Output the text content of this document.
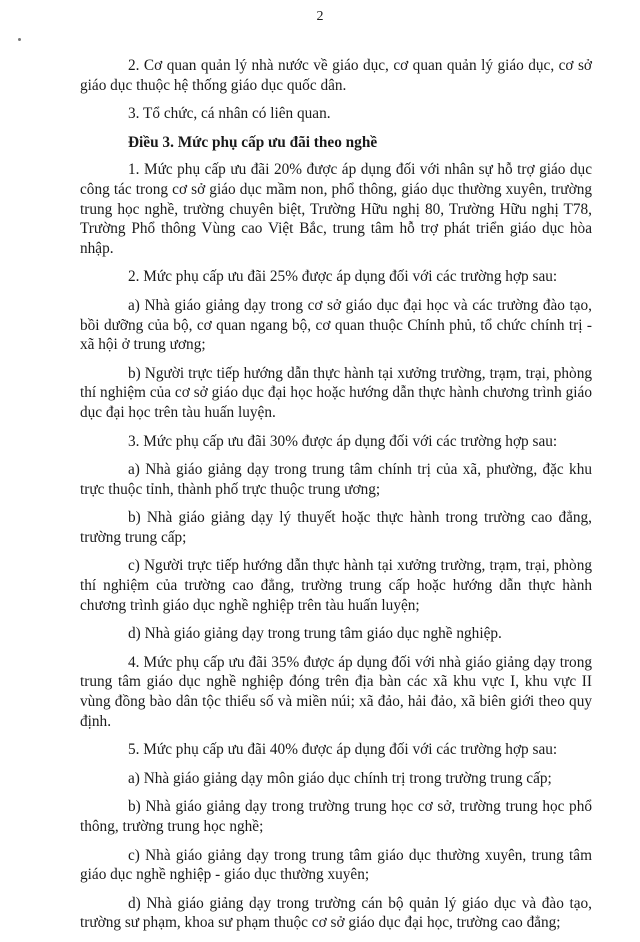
2

2. Cơ quan quản lý nhà nước về giáo dục, cơ quan quản lý giáo dục, cơ sở giáo dục thuộc hệ thống giáo dục quốc dân.

3. Tổ chức, cá nhân có liên quan.

Điều 3. Mức phụ cấp ưu đãi theo nghề

1. Mức phụ cấp ưu đãi 20% được áp dụng đối với nhân sự hỗ trợ giáo dục công tác trong cơ sở giáo dục mầm non, phổ thông, giáo dục thường xuyên, trường trung học nghề, trường chuyên biệt, Trường Hữu nghị 80, Trường Hữu nghị T78, Trường Phổ thông Vùng cao Việt Bắc, trung tâm hỗ trợ phát triển giáo dục hòa nhập.

2. Mức phụ cấp ưu đãi 25% được áp dụng đối với các trường hợp sau:

a) Nhà giáo giảng dạy trong cơ sở giáo dục đại học và các trường đào tạo, bồi dưỡng của bộ, cơ quan ngang bộ, cơ quan thuộc Chính phủ, tổ chức chính trị - xã hội ở trung ương;

b) Người trực tiếp hướng dẫn thực hành tại xưởng trường, trạm, trại, phòng thí nghiệm của cơ sở giáo dục đại học hoặc hướng dẫn thực hành chương trình giáo dục đại học trên tàu huấn luyện.

3. Mức phụ cấp ưu đãi 30% được áp dụng đối với các trường hợp sau:

a) Nhà giáo giảng dạy trong trung tâm chính trị của xã, phường, đặc khu trực thuộc tỉnh, thành phố trực thuộc trung ương;

b) Nhà giáo giảng dạy lý thuyết hoặc thực hành trong trường cao đẳng, trường trung cấp;

c) Người trực tiếp hướng dẫn thực hành tại xưởng trường, trạm, trại, phòng thí nghiệm của trường cao đẳng, trường trung cấp hoặc hướng dẫn thực hành chương trình giáo dục nghề nghiệp trên tàu huấn luyện;

d) Nhà giáo giảng dạy trong trung tâm giáo dục nghề nghiệp.

4. Mức phụ cấp ưu đãi 35% được áp dụng đối với nhà giáo giảng dạy trong trung tâm giáo dục nghề nghiệp đóng trên địa bàn các xã khu vực I, khu vực II vùng đồng bào dân tộc thiểu số và miền núi; xã đảo, hải đảo, xã biên giới theo quy định.

5. Mức phụ cấp ưu đãi 40% được áp dụng đối với các trường hợp sau:

a) Nhà giáo giảng dạy môn giáo dục chính trị trong trường trung cấp;

b) Nhà giáo giảng dạy trong trường trung học cơ sở, trường trung học phổ thông, trường trung học nghề;

c) Nhà giáo giảng dạy trong trung tâm giáo dục thường xuyên, trung tâm giáo dục nghề nghiệp - giáo dục thường xuyên;

d) Nhà giáo giảng dạy trong trường cán bộ quản lý giáo dục và đào tạo, trường sư phạm, khoa sư phạm thuộc cơ sở giáo dục đại học, trường cao đẳng;
